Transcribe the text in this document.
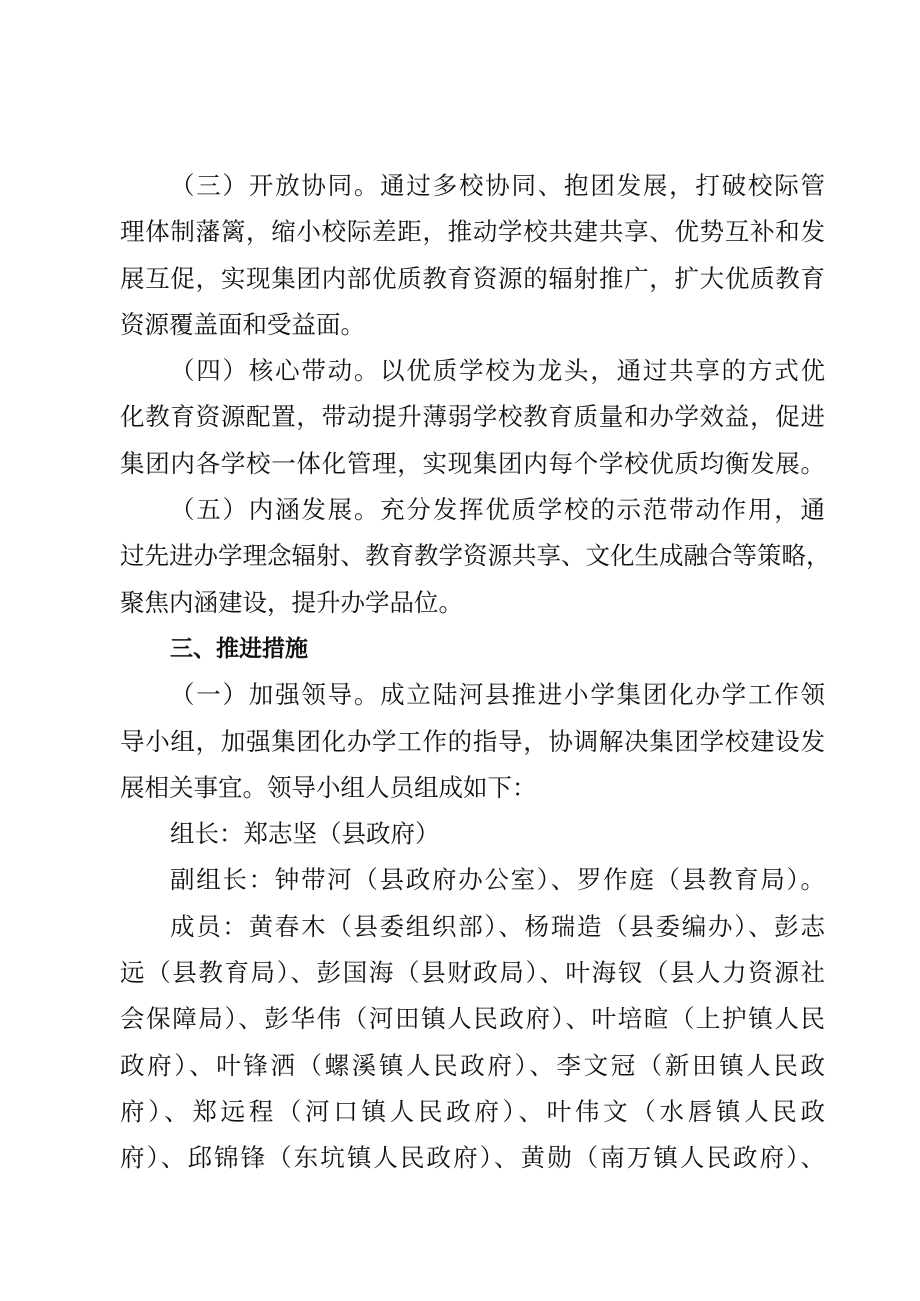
（三）开放协同。通过多校协同、抱团发展，打破校际管
理体制藩篱，缩小校际差距，推动学校共建共享、优势互补和发
展互促，实现集团内部优质教育资源的辐射推广，扩大优质教育
资源覆盖面和受益面。
（四）核心带动。以优质学校为龙头，通过共享的方式优
化教育资源配置，带动提升薄弱学校教育质量和办学效益，促进
集团内各学校一体化管理，实现集团内每个学校优质均衡发展。
（五）内涵发展。充分发挥优质学校的示范带动作用，通
过先进办学理念辐射、教育教学资源共享、文化生成融合等策略，
聚焦内涵建设，提升办学品位。
三、推进措施
（一）加强领导。成立陆河县推进小学集团化办学工作领
导小组，加强集团化办学工作的指导，协调解决集团学校建设发
展相关事宜。领导小组人员组成如下：
组长：郑志坚（县政府）
副组长：钟带河（县政府办公室）、罗作庭（县教育局）。
成员：黄春木（县委组织部）、杨瑞造（县委编办）、彭志
远（县教育局）、彭国海（县财政局）、叶海钗（县人力资源社
会保障局）、彭华伟（河田镇人民政府）、叶培暄（上护镇人民
政府）、叶锋洒（螺溪镇人民政府）、李文冠（新田镇人民政
府）、郑远程（河口镇人民政府）、叶伟文（水唇镇人民政
府）、邱锦锋（东坑镇人民政府）、黄勋（南万镇人民政府）、
